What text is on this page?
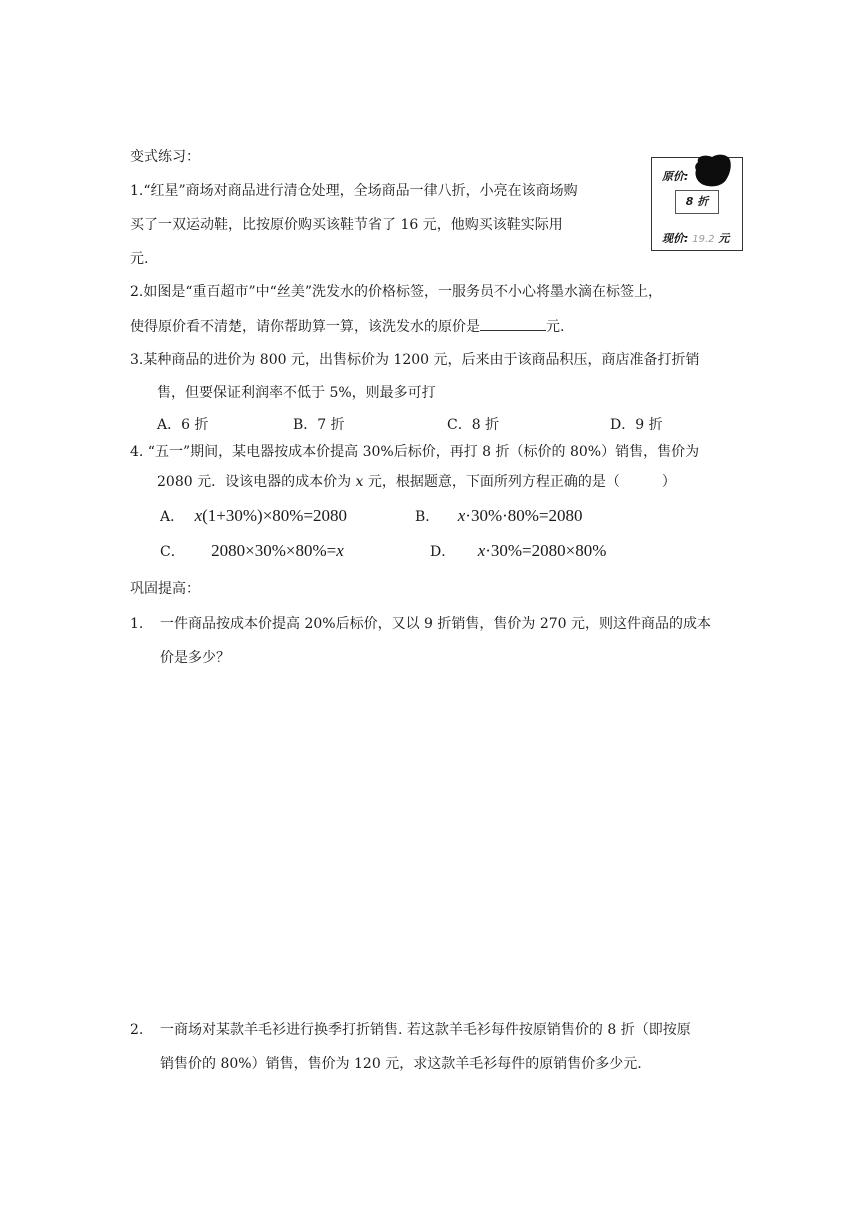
变式练习：
1.“红星”商场对商品进行清仓处理，全场商品一律八折，小亮在该商场购
买了一双运动鞋，比按原价购买该鞋节省了 16 元，他购买该鞋实际用
元.
原价:
8 折
现价: 19.2 元
2.如图是“重百超市”中“丝美”洗发水的价格标签，一服务员不小心将墨水滴在标签上，
使得原价看不清楚，请你帮助算一算，该洗发水的原价是	元.
3.某种商品的进价为 800 元，出售标价为 1200 元，后来由于该商品积压，商店准备打折销
售，但要保证利润率不低于 5%，则最多可打
A．6 折	B．7 折	C．8 折	D．9 折
4. “五一”期间，某电器按成本价提高 30%后标价，再打 8 折（标价的 80%）销售，售价为
2080 元．设该电器的成本价为 x 元，根据题意，下面所列方程正确的是（　　　）
A． x(1+30%)×80%=2080	B． x·30%·80%=2080
C． 2080×30%×80%=x	D． x·30%=2080×80%
巩固提高：
1. 一件商品按成本价提高 20%后标价，又以 9 折销售，售价为 270 元，则这件商品的成本
价是多少？
2. 一商场对某款羊毛衫进行换季打折销售. 若这款羊毛衫每件按原销售价的 8 折（即按原
销售价的 80%）销售，售价为 120 元，求这款羊毛衫每件的原销售价多少元.
